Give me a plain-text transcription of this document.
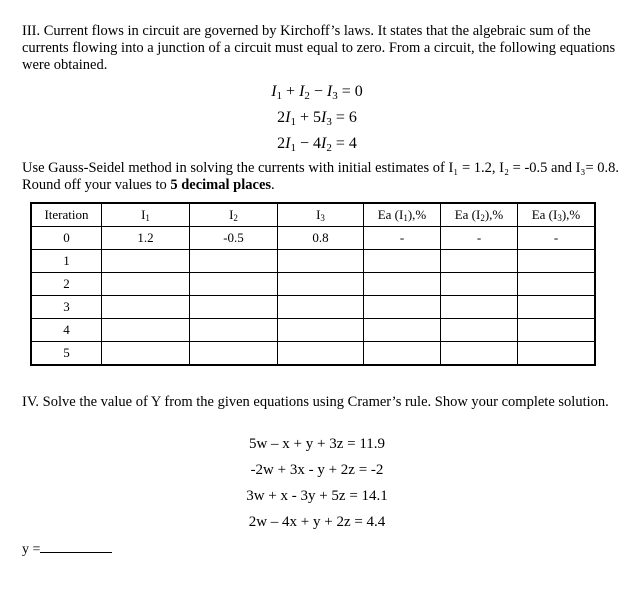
III. Current flows in circuit are governed by Kirchoff’s laws. It states that the algebraic sum of the currents flowing into a junction of a circuit must equal to zero. From a circuit, the following equations were obtained.

$I_1 + I_2 - I_3 = 0$
$2I_1 + 5I_3 = 6$
$2I_1 - 4I_2 = 4$

Use Gauss-Seidel method in solving the currents with initial estimates of I₁ = 1.2, I₂ = -0.5 and I₃= 0.8. Round off your values to 5 decimal places.

Iteration	I1	I2	I3	Ea (I1),%	Ea (I2),%	Ea (I3),%
0	1.2	-0.5	0.8	-	-	-
1						
2						
3						
4						
5						

IV. Solve the value of Y from the given equations using Cramer’s rule. Show your complete solution.

5w – x + y + 3z = 11.9
-2w + 3x - y + 2z = -2
3w + x - 3y + 5z = 14.1
2w – 4x + y + 2z = 4.4
y =
